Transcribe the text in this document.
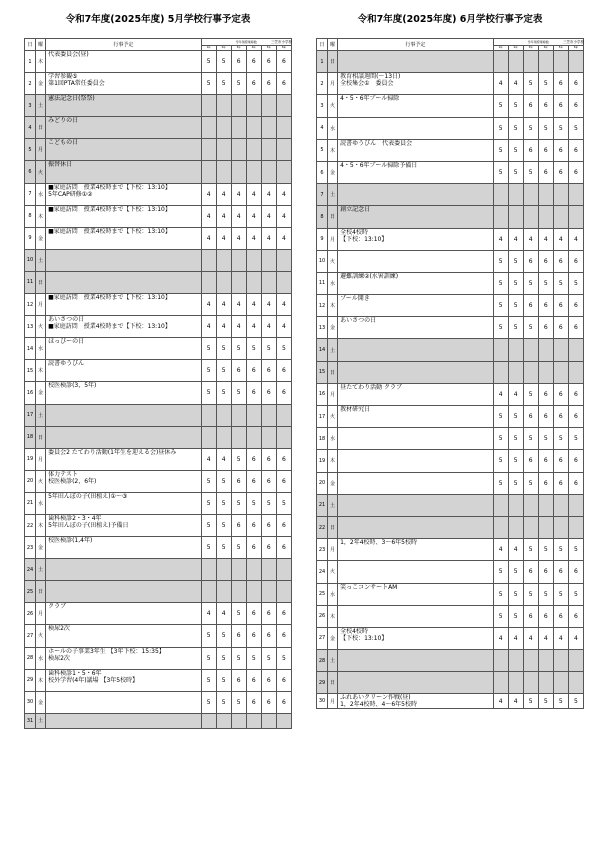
令和7年度(2025年度) 5月学校行事予定表
三笠市小学校
日	曜	行事予定	学年別授業時数					
			1年	2年	3年	4年	5年	6年
1	木	代表委員会(昼)	5	5	6	6	6	6
2	金	学習参観⑤
第1回PTA常任委員会	5	5	5	6	6	6
3	土	憲法記念日(祭祭)						

4	日	みどりの日						

5	月	こどもの日						

6	火	振替休日						

7	水	■家庭訪問　授業4校時まで【下校：13:10】
5年CAP研修①②	4	4	4	4	4	4
8	木	■家庭訪問　授業4校時まで【下校：13:10】	4	4	4	4	4	4
9	金	■家庭訪問　授業4校時まで【下校：13:10】	4	4	4	4	4	4
10	土	

11	日	

12	月	■家庭訪問　授業4校時まで【下校：13:10】	4	4	4	4	4	4
13	火	あいさつの日
■家庭訪問　授業4校時まで【下校：13:10】	4	4	4	4	4	4
14	水	ほっぴーの日	5	5	5	5	5	5
15	木	読書ゆうびん	5	5	6	6	6	6
16	金	校医検診(3，5年)	5	5	5	6	6	6
17	土	

18	日	

19	月	委員会2 たてわり活動(1年生を迎える会)昼休み	4	4	5	6	6	6
20	火	体力テスト
校医検診(2，6年)	5	5	6	6	6	6
21	水	5年田んぼの子(田植え)①～③	5	5	5	5	5	5
22	木	歯科検診2・3・4年
5年田んぼの子(田植え)予備日	5	5	6	6	6	6
23	金	校医検診(1,4年)	5	5	5	6	6	6
24	土	

25	日	

26	月	クラブ	4	4	5	6	6	6
27	火	検尿2次	5	5	6	6	6	6
28	水	ホールの子事業3年生 【3年下校：15:35】
検尿2次	5	5	5	5	5	5
29	木	歯科検診1・5・6年
校外学習(4年)議場 【3年5校時】	5	5	6	6	6	6
30	金		5	5	5	6	6	6
31	土	

令和7年度(2025年度) 6月学校行事予定表
三笠市小学校
日	曜	行事予定	学年別授業時数					
			1年	2年	3年	4年	5年	6年
1	日	

2	月	教育相談週間(～13日)
全校集会①　委員会	4	4	5	5	6	6
3	火	4・5・6年プール掃除	5	5	6	6	6	6
4	水		5	5	5	5	5	5
5	木	読書ゆうびん　代表委員会	5	5	6	6	6	6
6	金	4・5・6年プール掃除予備日	5	5	5	6	6	6
7	土	

8	日	創立記念日						

9	月	全校4校時
【下校：13:10】	4	4	4	4	4	4
10	火		5	5	6	6	6	6
11	水	避難訓練②(水害訓練)	5	5	5	5	5	5
12	木	プール開き	5	5	6	6	6	6
13	金	あいさつの日	5	5	5	6	6	6
14	土	

15	日	

16	月	昼たてわり活動 クラブ	4	4	5	6	6	6
17	火	教材研究日	5	5	6	6	6	6
18	水		5	5	5	5	5	5
19	木		5	5	6	6	6	6
20	金		5	5	5	6	6	6
21	土	

22	日	

23	月	1，2年4校時、3～6年5校時	4	4	5	5	5	5
24	火		5	5	6	6	6	6
25	水	笑っこコンサートAM	5	5	5	5	5	5
26	木		5	5	6	6	6	6
27	金	全校4校時
【下校：13:10】	4	4	4	4	4	4
28	土	

29	日	

30	月	ふれあいクリーン作戦(昼)
1，2年4校時、4～6年5校時	4	4	5	5	5	5
